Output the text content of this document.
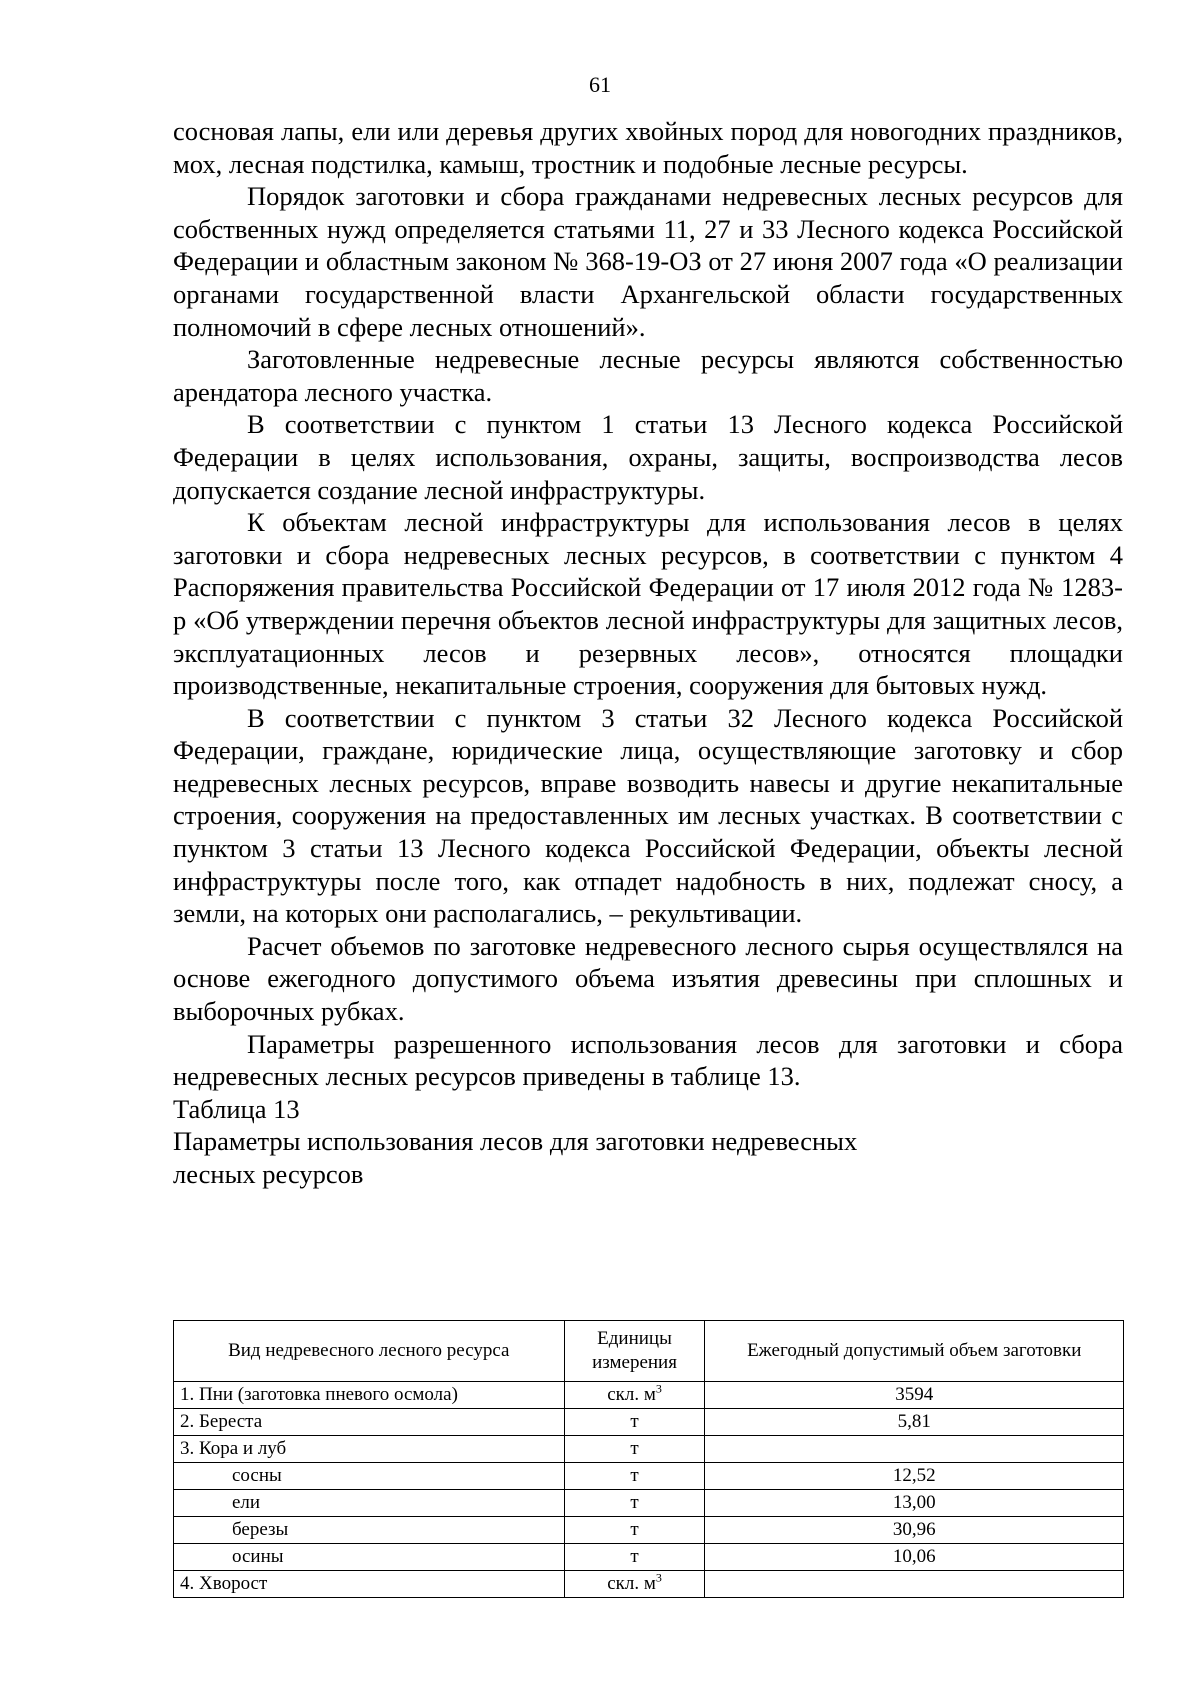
61

сосновая лапы, ели или деревья других хвойных пород для новогодних праздников, мох, лесная подстилка, камыш, тростник и подобные лесные ресурсы.

Порядок заготовки и сбора гражданами недревесных лесных ресурсов для собственных нужд определяется статьями 11, 27 и 33 Лесного кодекса Российской Федерации и областным законом № 368-19-ОЗ от 27 июня 2007 года «О реализации органами государственной власти Архангельской области государственных полномочий в сфере лесных отношений».

Заготовленные недревесные лесные ресурсы являются собственностью арендатора лесного участка.

В соответствии с пунктом 1 статьи 13 Лесного кодекса Российской Федерации в целях использования, охраны, защиты, воспроизводства лесов допускается создание лесной инфраструктуры.

К объектам лесной инфраструктуры для использования лесов в целях заготовки и сбора недревесных лесных ресурсов, в соответствии с пунктом 4 Распоряжения правительства Российской Федерации от 17 июля 2012 года № 1283-р «Об утверждении перечня объектов лесной инфраструктуры для защитных лесов, эксплуатационных лесов и резервных лесов», относятся площадки производственные, некапитальные строения, сооружения для бытовых нужд.

В соответствии с пунктом 3 статьи 32 Лесного кодекса Российской Федерации, граждане, юридические лица, осуществляющие заготовку и сбор недревесных лесных ресурсов, вправе возводить навесы и другие некапитальные строения, сооружения на предоставленных им лесных участках. В соответствии с пунктом 3 статьи 13 Лесного кодекса Российской Федерации, объекты лесной инфраструктуры после того, как отпадет надобность в них, подлежат сносу, а земли, на которых они располагались, – рекультивации.

Расчет объемов по заготовке недревесного лесного сырья осуществлялся на основе ежегодного допустимого объема изъятия древесины при сплошных и выборочных рубках.

Параметры разрешенного использования лесов для заготовки и сбора недревесных лесных ресурсов приведены в таблице 13.

Таблица 13

Параметры использования лесов для заготовки недревесных
лесных ресурсов

Вид недревесного лесного ресурса	Единицы измерения	Ежегодный допустимый объем заготовки
1. Пни (заготовка пневого осмола)	скл. $м^3$	3594
2. Береста	т	5,81
3. Кора и луб	т	
сосны	т	12,52
ели	т	13,00
березы	т	30,96
осины	т	10,06
4. Хворост	скл. $м^3$	
